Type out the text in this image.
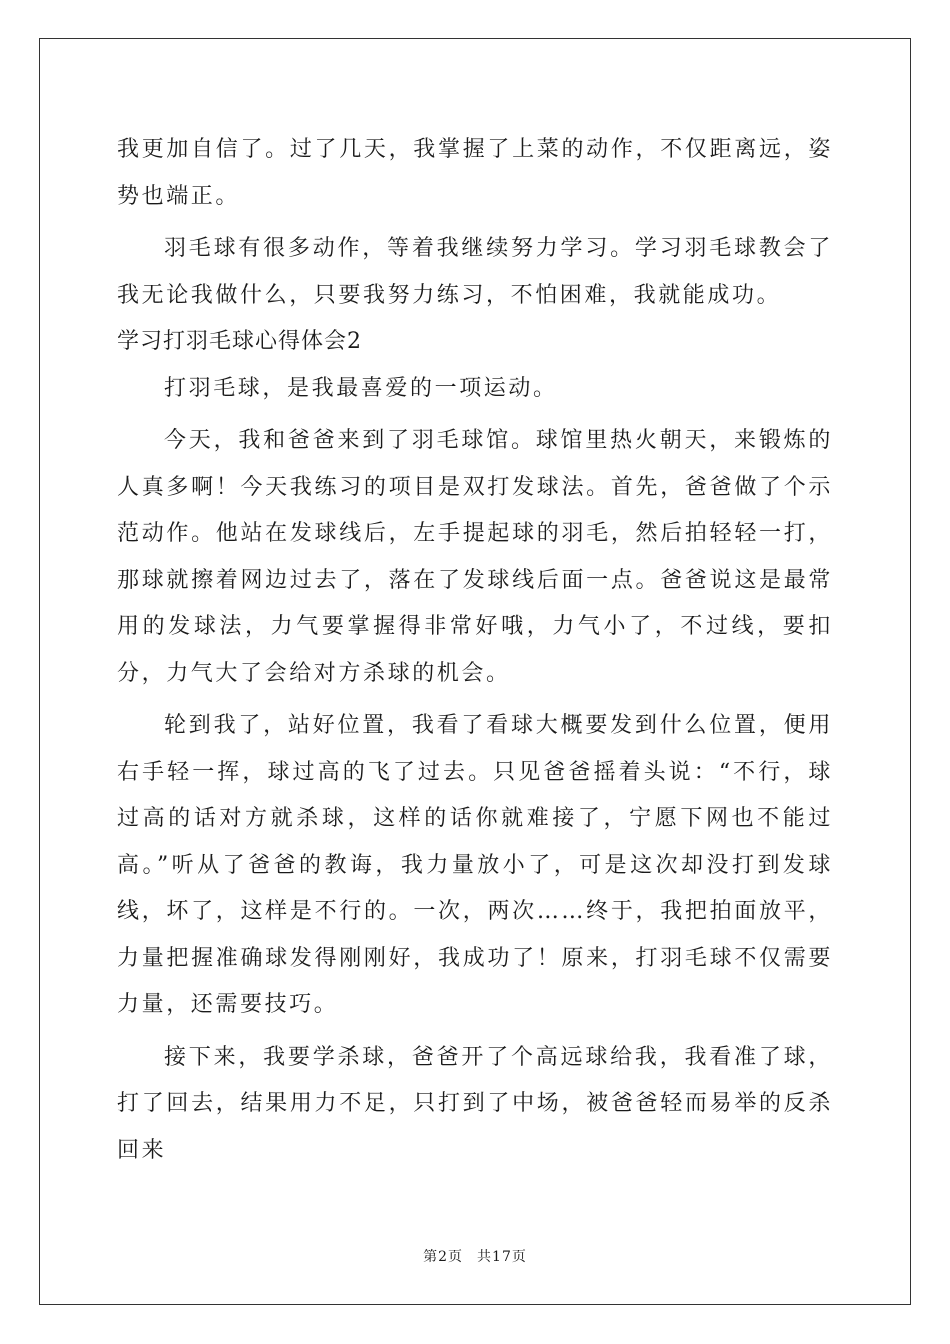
我更加自信了。过了几天，我掌握了上菜的动作，不仅距离远，姿势也端正。

羽毛球有很多动作，等着我继续努力学习。学习羽毛球教会了我无论我做什么，只要我努力练习，不怕困难，我就能成功。

学习打羽毛球心得体会2

打羽毛球，是我最喜爱的一项运动。

今天，我和爸爸来到了羽毛球馆。球馆里热火朝天，来锻炼的人真多啊！今天我练习的项目是双打发球法。首先，爸爸做了个示范动作。他站在发球线后，左手提起球的羽毛，然后拍轻轻一打，那球就擦着网边过去了，落在了发球线后面一点。爸爸说这是最常用的发球法，力气要掌握得非常好哦，力气小了，不过线，要扣分，力气大了会给对方杀球的机会。

轮到我了，站好位置，我看了看球大概要发到什么位置，便用右手轻一挥，球过高的飞了过去。只见爸爸摇着头说：“不行，球过高的话对方就杀球，这样的话你就难接了，宁愿下网也不能过高。”听从了爸爸的教诲，我力量放小了，可是这次却没打到发球线，坏了，这样是不行的。一次，两次……终于，我把拍面放平，力量把握准确球发得刚刚好，我成功了！原来，打羽毛球不仅需要力量，还需要技巧。

接下来，我要学杀球，爸爸开了个高远球给我，我看准了球，打了回去，结果用力不足，只打到了中场，被爸爸轻而易举的反杀回来

第2页 共17页
